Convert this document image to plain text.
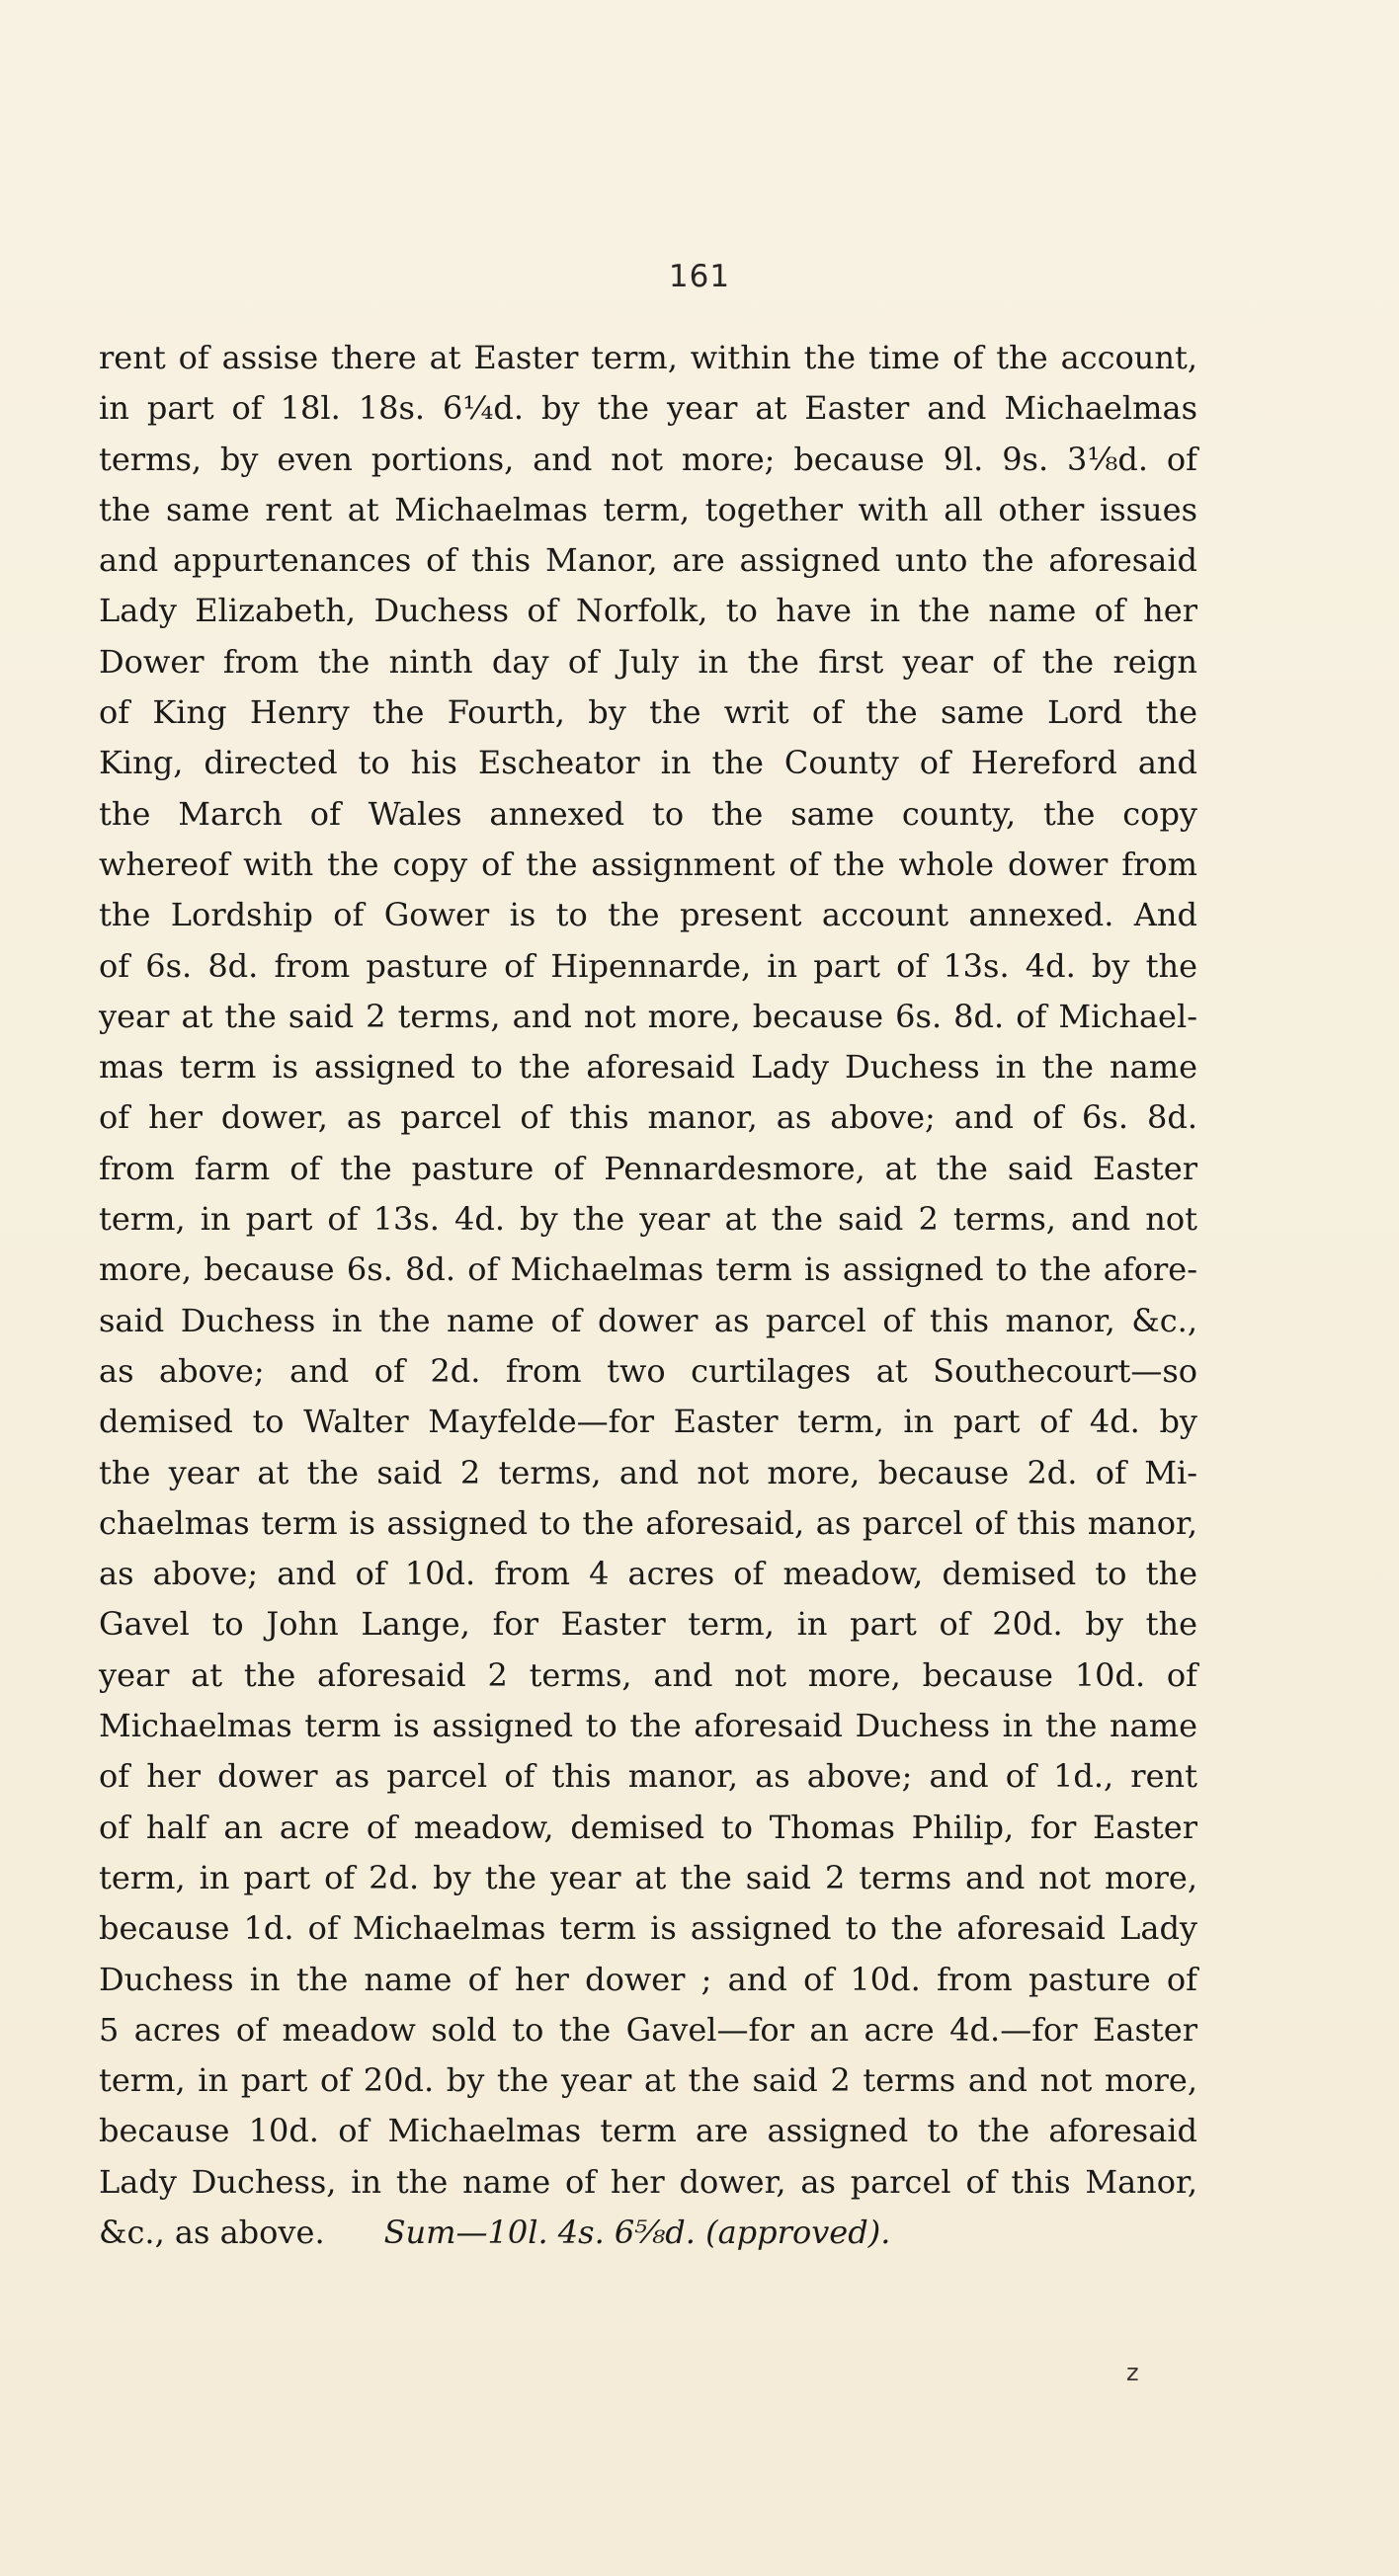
161
rent of assise there at Easter term, within the time of the account,
in part of 18l. 18s. 6¼d. by the year at Easter and Michaelmas
terms, by even portions, and not more; because 9l. 9s. 3⅛d. of
the same rent at Michaelmas term, together with all other issues
and appurtenances of this Manor, are assigned unto the aforesaid
Lady Elizabeth, Duchess of Norfolk, to have in the name of her
Dower from the ninth day of July in the first year of the reign
of King Henry the Fourth, by the writ of the same Lord the
King, directed to his Escheator in the County of Hereford and
the March of Wales annexed to the same county, the copy
whereof with the copy of the assignment of the whole dower from
the Lordship of Gower is to the present account annexed. And
of 6s. 8d. from pasture of Hipennarde, in part of 13s. 4d. by the
year at the said 2 terms, and not more, because 6s. 8d. of Michael-
mas term is assigned to the aforesaid Lady Duchess in the name
of her dower, as parcel of this manor, as above; and of 6s. 8d.
from farm of the pasture of Pennardesmore, at the said Easter
term, in part of 13s. 4d. by the year at the said 2 terms, and not
more, because 6s. 8d. of Michaelmas term is assigned to the afore-
said Duchess in the name of dower as parcel of this manor, &c.,
as above; and of 2d. from two curtilages at Southecourt—so
demised to Walter Mayfelde—for Easter term, in part of 4d. by
the year at the said 2 terms, and not more, because 2d. of Mi-
chaelmas term is assigned to the aforesaid, as parcel of this manor,
as above; and of 10d. from 4 acres of meadow, demised to the
Gavel to John Lange, for Easter term, in part of 20d. by the
year at the aforesaid 2 terms, and not more, because 10d. of
Michaelmas term is assigned to the aforesaid Duchess in the name
of her dower as parcel of this manor, as above; and of 1d., rent
of half an acre of meadow, demised to Thomas Philip, for Easter
term, in part of 2d. by the year at the said 2 terms and not more,
because 1d. of Michaelmas term is assigned to the aforesaid Lady
Duchess in the name of her dower ; and of 10d. from pasture of
5 acres of meadow sold to the Gavel—for an acre 4d.—for Easter
term, in part of 20d. by the year at the said 2 terms and not more,
because 10d. of Michaelmas term are assigned to the aforesaid
Lady Duchess, in the name of her dower, as parcel of this Manor,
&c., as above. Sum—10l. 4s. 6⅝d. (approved).
z
